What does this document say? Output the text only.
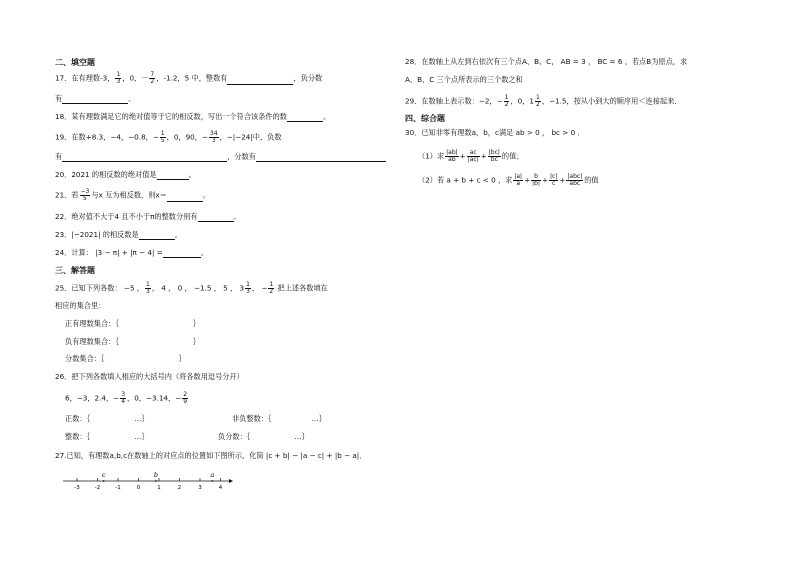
二、填空题
17．在有理数-3， $\frac{1}{3}$ ，0，－ $\frac{7}{2}$ ，-1.2，5 中，整数有	，负分数
有	。
18．某有理数满足它的绝对值等于它的相反数，写出一个符合该条件的数	。
19．在数+8.3，−4，−0.8，− $\frac{1}{5}$ ，0，90，− $\frac{34}{3}$ ，−|−24|中，负数
有	，分数有
20．2021 的相反数的绝对值是	。
21．若 $\frac{-3}{5}$ 与x 互为相反数，则x＝	。
22．绝对值不大于4 且不小于π的整数分别有	。
23．|−2021| 的相反数是	。
24．计算： |3 − π| + |π − 4| =	。
三、解答题
25．已知下列各数： −5 ， $\frac{1}{3}$ ， 4 ， 0 ， −1.5 ， 5 ， $3 \frac{1}{3}$ ， − $\frac{1}{2}$ 把上述各数填在
相应的集合里：
正有理数集合：｛	｝
负有理数集合：｛	｝
分数集合：｛	｝
26．把下列各数填入相应的大括号内（将各数用逗号分开）
6，−3，2.4，− $\frac{3}{4}$ ，0，−3.14，− $\frac{2}{9}$
正数：｛	…｝	非负整数：｛	…｝
整数：｛	…｝	负分数：｛	…｝
27.已知，有理数a,b,c在数轴上的对应点的位置如下图所示，化简 |c + b| − |a − c| + |b − a|．
-3	-2	-1	0	1	2	3	4
c	b	a
28．在数轴上从左到右依次有三个点A、B、C， AB = 3 ， BC = 6 ，若点B为原点，求
A、B、C 三个点所表示的三个数之和
29．在数轴上表示数：−2，− $\frac{1}{2}$ ，0，$1 \frac{1}{2}$ ，−1.5，按从小到大的顺序用＜连接起来．
四、综合题
30．已知非零有理数a，b，c满足 ab > 0 ， bc > 0 ．
（1）求 $\frac{|ab|}{ab} + \frac{ac}{|ac|} + \frac{|bc|}{bc}$ 的值；
（2）若 a + b + c < 0 ，求 $\frac{|a|}{a} + \frac{b}{|b|} + \frac{|c|}{c} + \frac{\text{|abc|}}{\text{abc}}$ 的值
